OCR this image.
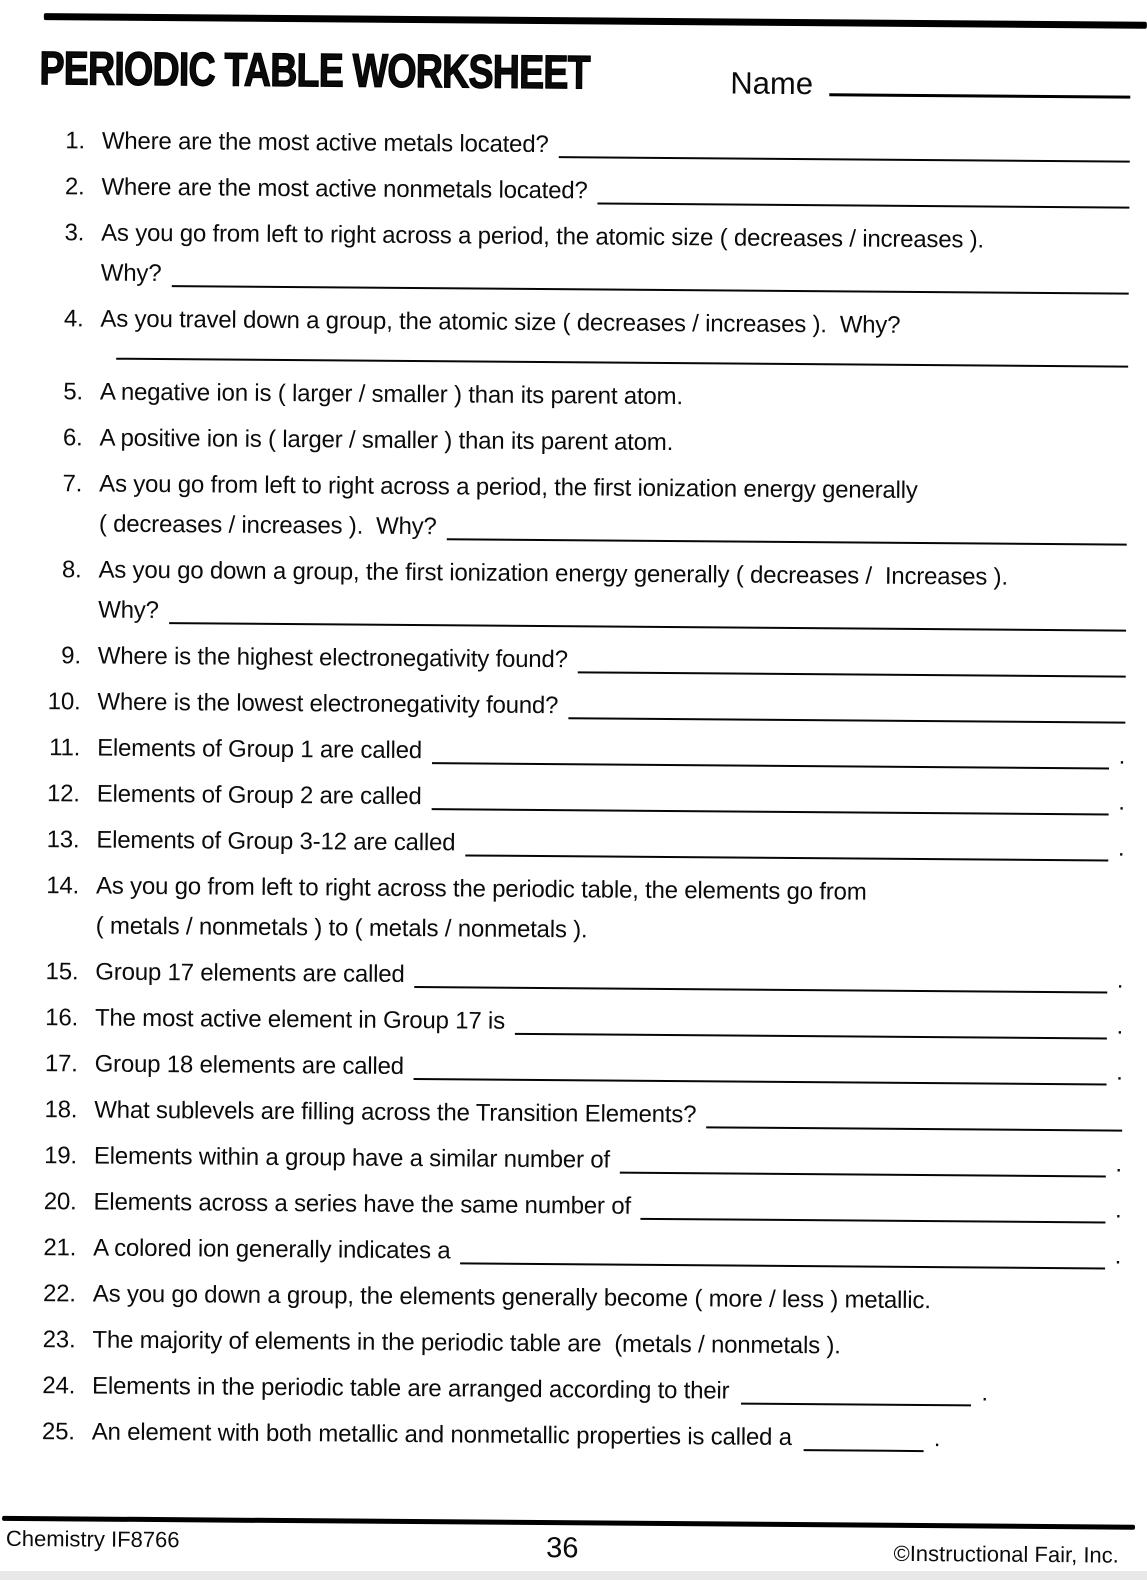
PERIODIC TABLE WORKSHEET	Name
1. Where are the most active metals located?
2. Where are the most active nonmetals located?
3. As you go from left to right across a period, the atomic size ( decreases / increases ).
Why?
4. As you travel down a group, the atomic size ( decreases / increases ).  Why?
5. A negative ion is ( larger / smaller ) than its parent atom.
6. A positive ion is ( larger / smaller ) than its parent atom.
7. As you go from left to right across a period, the first ionization energy generally
( decreases / increases ).  Why?
8. As you go down a group, the first ionization energy generally ( decreases /  Increases ).
Why?
9. Where is the highest electronegativity found?
10. Where is the lowest electronegativity found?
11. Elements of Group 1 are called	.
12. Elements of Group 2 are called	.
13. Elements of Group 3-12 are called	.
14. As you go from left to right across the periodic table, the elements go from
( metals / nonmetals ) to ( metals / nonmetals ).
15. Group 17 elements are called	.
16. The most active element in Group 17 is	.
17. Group 18 elements are called	.
18. What sublevels are filling across the Transition Elements?
19. Elements within a group have a similar number of	.
20. Elements across a series have the same number of	.
21. A colored ion generally indicates a	.
22. As you go down a group, the elements generally become ( more / less ) metallic.
23. The majority of elements in the periodic table are  (metals / nonmetals ).
24. Elements in the periodic table are arranged according to their	.
25. An element with both metallic and nonmetallic properties is called a	.
Chemistry IF8766	36	©Instructional Fair, Inc.
